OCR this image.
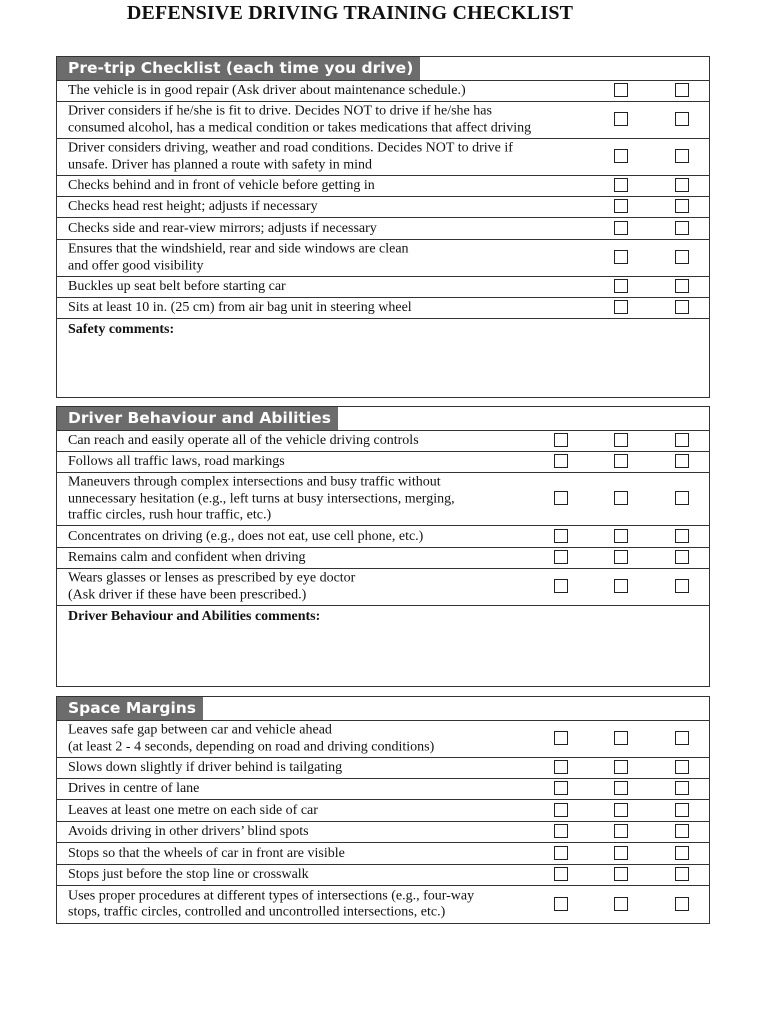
DEFENSIVE DRIVING TRAINING CHECKLIST
Pre-trip Checklist (each time you drive)
The vehicle is in good repair (Ask driver about maintenance schedule.)
Driver considers if he/she is fit to drive. Decides NOT to drive if he/she has
consumed alcohol, has a medical condition or takes medications that affect driving
Driver considers driving, weather and road conditions. Decides NOT to drive if
unsafe. Driver has planned a route with safety in mind
Checks behind and in front of vehicle before getting in
Checks head rest height; adjusts if necessary
Checks side and rear-view mirrors; adjusts if necessary
Ensures that the windshield, rear and side windows are clean
and offer good visibility
Buckles up seat belt before starting car
Sits at least 10 in. (25 cm) from air bag unit in steering wheel
Safety comments:
Driver Behaviour and Abilities
Can reach and easily operate all of the vehicle driving controls
Follows all traffic laws, road markings
Maneuvers through complex intersections and busy traffic without
unnecessary hesitation (e.g., left turns at busy intersections, merging,
traffic circles, rush hour traffic, etc.)
Concentrates on driving (e.g., does not eat, use cell phone, etc.)
Remains calm and confident when driving
Wears glasses or lenses as prescribed by eye doctor
(Ask driver if these have been prescribed.)
Driver Behaviour and Abilities comments:
Space Margins
Leaves safe gap between car and vehicle ahead
(at least 2 - 4 seconds, depending on road and driving conditions)
Slows down slightly if driver behind is tailgating
Drives in centre of lane
Leaves at least one metre on each side of car
Avoids driving in other drivers’ blind spots
Stops so that the wheels of car in front are visible
Stops just before the stop line or crosswalk
Uses proper procedures at different types of intersections (e.g., four-way
stops, traffic circles, controlled and uncontrolled intersections, etc.)
